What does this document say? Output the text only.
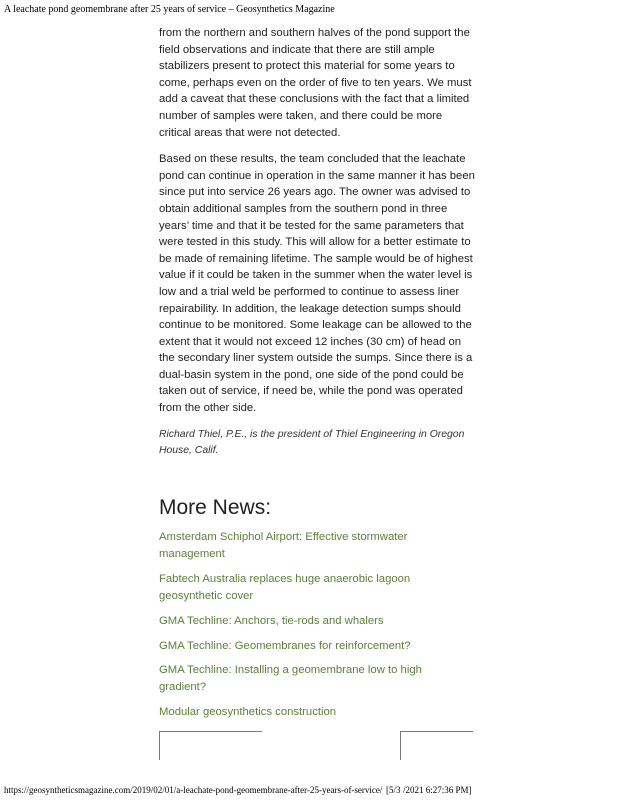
A leachate pond geomembrane after 25 years of service – Geosynthetics Magazine

from the northern and southern halves of the pond support the field observations and indicate that there are still ample stabilizers present to protect this material for some years to come, perhaps even on the order of five to ten years. We must add a caveat that these conclusions with the fact that a limited number of samples were taken, and there could be more critical areas that were not detected.

Based on these results, the team concluded that the leachate pond can continue in operation in the same manner it has been since put into service 26 years ago. The owner was advised to obtain additional samples from the southern pond in three years’ time and that it be tested for the same parameters that were tested in this study. This will allow for a better estimate to be made of remaining lifetime. The sample would be of highest value if it could be taken in the summer when the water level is low and a trial weld be performed to continue to assess liner repairability. In addition, the leakage detection sumps should continue to be monitored. Some leakage can be allowed to the extent that it would not exceed 12 inches (30 cm) of head on the secondary liner system outside the sumps. Since there is a dual-basin system in the pond, one side of the pond could be taken out of service, if need be, while the pond was operated from the other side.

Richard Thiel, P.E., is the president of Thiel Engineering in Oregon House, Calif.

More News:
Amsterdam Schiphol Airport: Effective stormwater management
Fabtech Australia replaces huge anaerobic lagoon geosynthetic cover
GMA Techline: Anchors, tie-rods and whalers
GMA Techline: Geomembranes for reinforcement?
GMA Techline: Installing a geomembrane low to high gradient?
Modular geosynthetics construction
https://geosyntheticsmagazine.com/2019/02/01/a-leachate-pond-geomembrane-after-25-years-of-service/ [5/3 /2021 6:27:36 PM]
